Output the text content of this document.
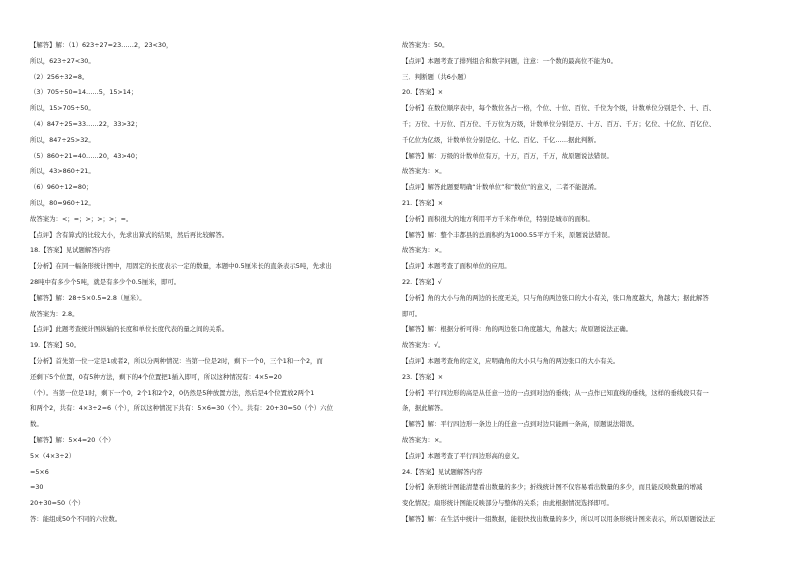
【解答】解：（1）623÷27=23……2，23<30，
所以，623÷27<30。
（2）256÷32=8。
（3）705÷50=14……5，15>14；
所以，15>705÷50。
（4）847÷25=33……22，33>32；
所以，847÷25>32。
（5）860÷21=40……20，43>40；
所以，43>860÷21。
（6）960÷12=80；
所以，80=960÷12。
故答案为：<；=；>；>；>；=。
【点评】含有算式的比较大小，先求出算式的结果，然后再比较解答。
18.【答案】见试题解答内容
【分析】在同一幅条形统计图中，用固定的长度表示一定的数量，本题中0.5厘米长的直条表示5吨，先求出
28吨中有多少个5吨，就是有多少个0.5厘米，即可。
【解答】解：28÷5×0.5=2.8（厘米）。
故答案为：2.8。
【点评】此题考查统计图纵轴的长度和单位长度代表的量之间的关系。
19.【答案】50。
【分析】首先第一位一定是1或者2，所以分两种情况：当第一位是2时，剩下一个0，三个1和一个2，而
还剩下5个位置，0有5种方法，剩下的4个位置把1插入即可，所以这种情况有：4×5=20
（个）。当第一位是1时，剩下一个0，2个1和2个2，0仍然是5种放置方法，然后是4个位置放2两个1
和两个2，共有：4×3÷2=6（个），所以这种情况下共有：5×6=30（个）。共有：20+30=50（个）六位
数。
【解答】解：5×4=20（个）
5×（4×3÷2）
=5×6
=30
20+30=50（个）
答：能组成50个不同的六位数。
故答案为：50。
【点评】本题考查了排列组合和数字问题，注意：一个数的最高位不能为0。
三．判断题（共6小题）
20.【答案】×
【分析】在数位顺序表中，每个数位各占一格，个位、十位、百位、千位为个级，计数单位分别是个、十、百、
千；万位、十万位、百万位、千万位为万级，计数单位分别是万、十万、百万、千万；亿位、十亿位、百亿位、
千亿位为亿级，计数单位分别是亿、十亿、百亿、千亿……据此判断。
【解答】解：万级的计数单位有万，十万，百万，千万，故原题说法错误。
故答案为：×。
【点评】解答此题要明确“计数单位”和“数位”的意义，二者不能混淆。
21.【答案】×
【分析】面积很大的地方利用平方千米作单位，特别是城市的面积。
【解答】解：整个丰都县的总面积约为1000.55平方千米，原题说法错误。
故答案为：×。
【点评】本题考查了面积单位的应用。
22.【答案】√
【分析】角的大小与角的两边的长度无关，只与角的两边张口的大小有关，张口角度越大，角越大；据此解答
即可。
【解答】解：根据分析可得：角的两边张口角度越大，角越大；故原题说法正确。
故答案为：√。
【点评】本题考查角的定义，应明确角的大小只与角的两边张口的大小有关。
23.【答案】×
【分析】平行四边形的高是从任意一边的一点到对边的垂线；从一点作已知直线的垂线，这样的垂线段只有一
条，据此解答。
【解答】解：平行四边形一条边上的任意一点到对边只能画一条高，原题说法错误。
故答案为：×。
【点评】本题考查了平行四边形高的意义。
24.【答案】见试题解答内容
【分析】条形统计图能清楚看出数量的多少；折线统计图不仅容易看出数量的多少，而且能反映数量的增减
变化情况；扇形统计图能反映部分与整体的关系；由此根据情况选择即可。
【解答】解：在生活中统计一组数据，能很快找出数量的多少，所以可以用条形统计图来表示，所以原题说法正
